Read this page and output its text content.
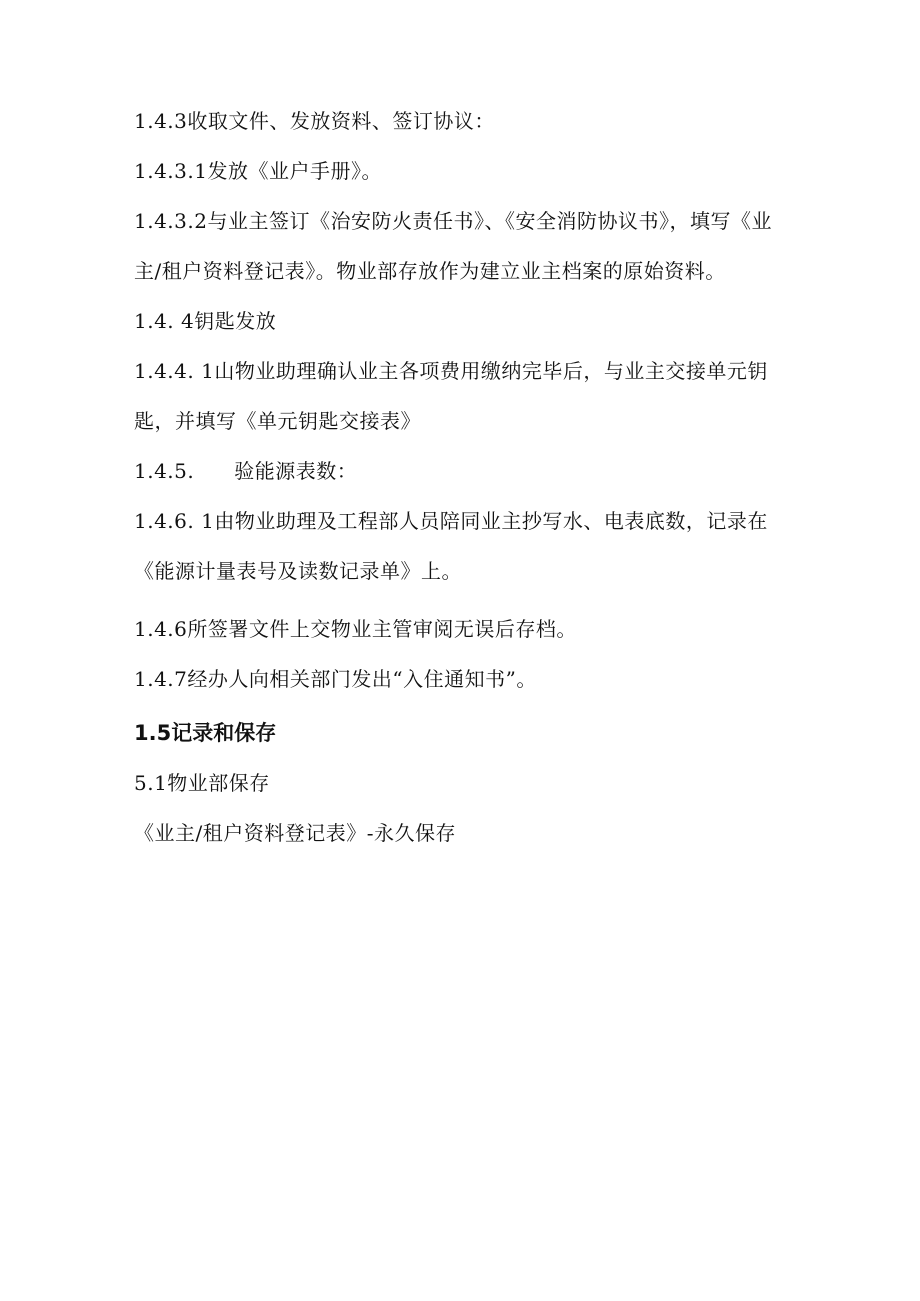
1.4.3收取文件、发放资料、签订协议：

1.4.3.1发放《业户手册》。

1.4.3.2与业主签订《治安防火责任书》、《安全消防协议书》，填写《业主/租户资料登记表》。物业部存放作为建立业主档案的原始资料。

1.4. 4钥匙发放

1.4.4. 1山物业助理确认业主各项费用缴纳完毕后，与业主交接单元钥匙，并填写《单元钥匙交接表》

1.4.5. 验能源表数：

1.4.6. 1由物业助理及工程部人员陪同业主抄写水、电表底数，记录在《能源计量表号及读数记录单》上。

1.4.6所签署文件上交物业主管审阅无误后存档。

1.4.7经办人向相关部门发出“入住通知书”。

1.5记录和保存

5.1物业部保存

《业主/租户资料登记表》-永久保存
